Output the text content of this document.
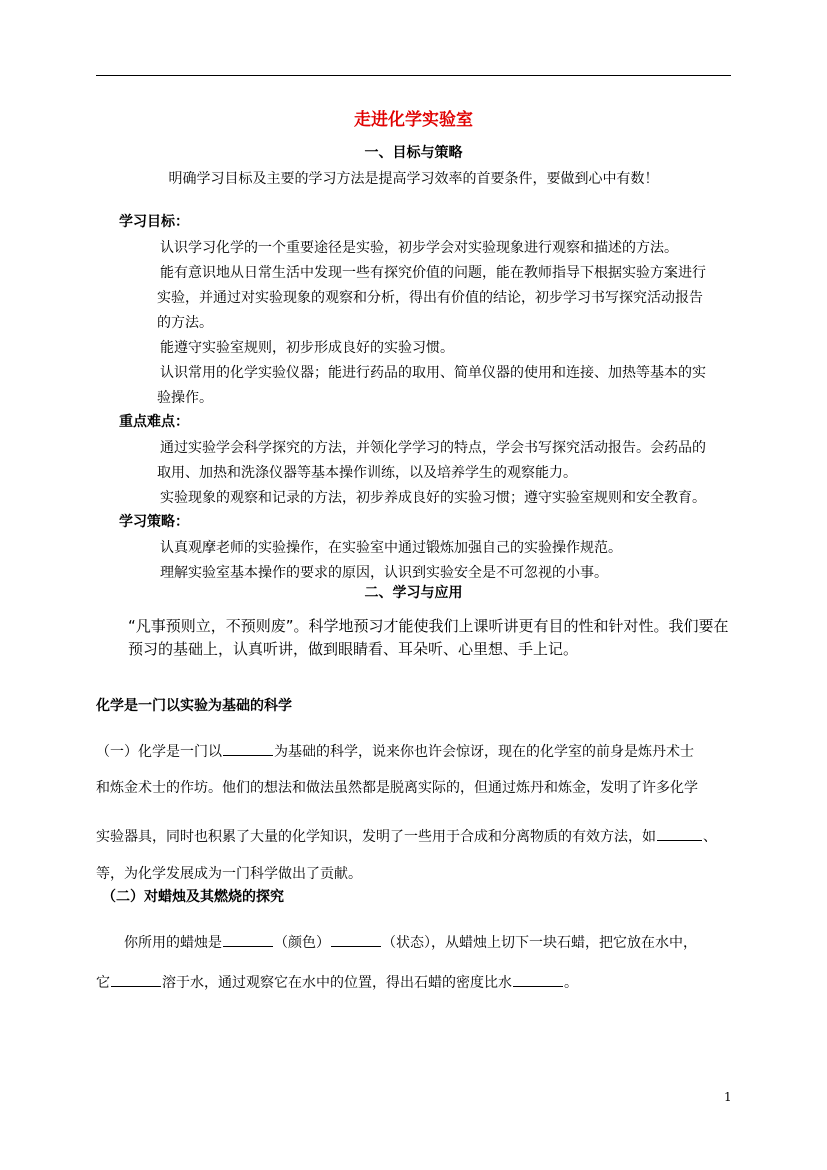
走进化学实验室
一、目标与策略
明确学习目标及主要的学习方法是提高学习效率的首要条件，要做到心中有数！
学习目标：
认识学习化学的一个重要途径是实验，初步学会对实验现象进行观察和描述的方法。
能有意识地从日常生活中发现一些有探究价值的问题，能在教师指导下根据实验方案进行
实验，并通过对实验现象的观察和分析，得出有价值的结论，初步学习书写探究活动报告
的方法。
能遵守实验室规则，初步形成良好的实验习惯。
认识常用的化学实验仪器；能进行药品的取用、简单仪器的使用和连接、加热等基本的实
验操作。
重点难点：
通过实验学会科学探究的方法，并领化学学习的特点，学会书写探究活动报告。会药品的
取用、加热和洗涤仪器等基本操作训练，以及培养学生的观察能力。
实验现象的观察和记录的方法，初步养成良好的实验习惯；遵守实验室规则和安全教育。
学习策略：
认真观摩老师的实验操作，在实验室中通过锻炼加强自己的实验操作规范。
理解实验室基本操作的要求的原因，认识到实验安全是不可忽视的小事。
二、学习与应用
“凡事预则立，不预则废”。科学地预习才能使我们上课听讲更有目的性和针对性。我们要在
预习的基础上，认真听讲，做到眼睛看、耳朵听、心里想、手上记。
化学是一门以实验为基础的科学
（一）化学是一门以	为基础的科学，说来你也许会惊讶，现在的化学室的前身是炼丹术士
和炼金术士的作坊。他们的想法和做法虽然都是脱离实际的，但通过炼丹和炼金，发明了许多化学
实验器具，同时也积累了大量的化学知识，发明了一些用于合成和分离物质的有效方法，如	、
等，为化学发展成为一门科学做出了贡献。
（二）对蜡烛及其燃烧的探究
你所用的蜡烛是	（颜色）	（状态），从蜡烛上切下一块石蜡，把它放在水中，
它	溶于水，通过观察它在水中的位置，得出石蜡的密度比水	。
1
